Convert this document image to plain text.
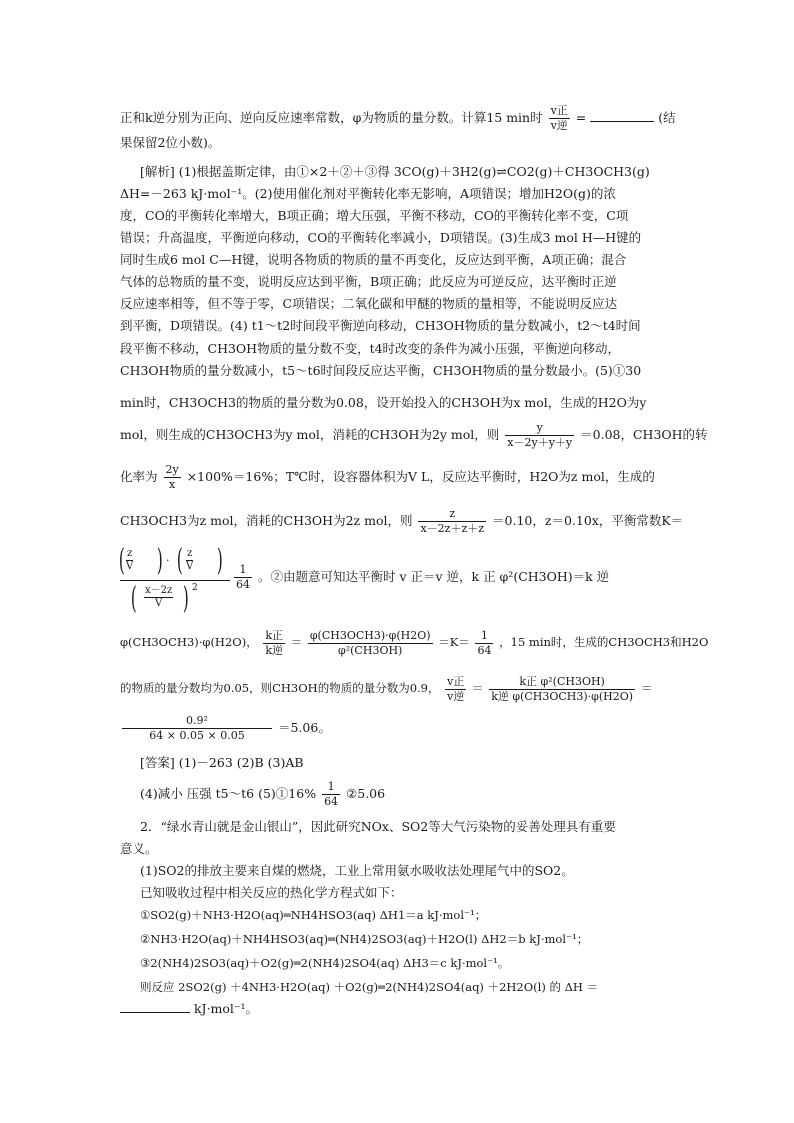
正和k逆分别为正向、逆向反应速率常数，φ为物质的量分数。计算15 min时 $\frac{\text{v正}}{\text{v逆}}$ =	(结
果保留2位小数)。
[解析] (1)根据盖斯定律，由①×2＋②＋③得 3CO(g)＋3H2(g)⇌CO2(g)＋CH3OCH3(g)
ΔH=－263 kJ·mol⁻¹。(2)使用催化剂对平衡转化率无影响，A项错误；增加H2O(g)的浓
度，CO的平衡转化率增大，B项正确；增大压强，平衡不移动，CO的平衡转化率不变，C项
错误；升高温度，平衡逆向移动，CO的平衡转化率减小，D项错误。(3)生成3 mol H—H键的
同时生成6 mol C—H键，说明各物质的物质的量不再变化，反应达到平衡，A项正确；混合
气体的总物质的量不变，说明反应达到平衡，B项正确；此反应为可逆反应，达平衡时正逆
反应速率相等，但不等于零，C项错误；二氧化碳和甲醚的物质的量相等，不能说明反应达
到平衡，D项错误。(4) t1～t2时间段平衡逆向移动，CH3OH物质的量分数减小，t2～t4时间
段平衡不移动，CH3OH物质的量分数不变，t4时改变的条件为减小压强，平衡逆向移动，
CH3OH物质的量分数减小，t5～t6时间段反应达平衡，CH3OH物质的量分数最小。(5)①30
min时，CH3OCH3的物质的量分数为0.08，设开始投入的CH3OH为x mol，生成的H2O为y
mol，则生成的CH3OCH3为y mol，消耗的CH3OH为2y mol，则 $\frac{y}{x-2y+y+y} =0.08$，CH3OH的转
化率为 $\frac{2y}{x} \times 100\%=16\%$；T℃时，设容器体积为V L，反应达平衡时，H2O为z mol，生成的
CH3OCH3为z mol，消耗的CH3OH为2z mol，则 $\frac{z}{x-2z+z+z} =0.10$，z＝0.10x，平衡常数K＝
( z
V ) · ( z
V )
( x－2z
V ) $2 \frac{1}{64}$ 。②由题意可知达平衡时 v 正＝v 逆，k 正 φ²(CH3OH)＝k 逆
φ(CH3OCH3)·φ(H2O)， $\frac{\text{k正}}{\text{k逆}} = \frac{\text{φ(CH3OCH3)·φ(H2O)}}{\text{φ²(CH3OH)}} =K= \frac{1}{64}$ ，15 min时，生成的CH3OCH3和H2O
的物质的量分数均为0.05，则CH3OH的物质的量分数为0.9， $\frac{\text{v正}}{\text{v逆}} = \frac{\text{k正 φ²(CH3OH)}}{\text{k逆 φ(CH3OCH3)·φ(H2O)}}$ ＝
$\frac{\text{0.9²}}{64 \times 0.05 \times 0.05} =5.06$。
[答案] (1)－263 (2)B (3)AB
(4)减小 压强 t5～t6 (5)①16% $\frac{1}{64}$ ②5.06
2．“绿水青山就是金山银山”，因此研究NOx、SO2等大气污染物的妥善处理具有重要
意义。
(1)SO2的排放主要来自煤的燃烧，工业上常用氨水吸收法处理尾气中的SO2。
已知吸收过程中相关反应的热化学方程式如下：
①SO2(g)＋NH3·H2O(aq)═NH4HSO3(aq) ΔH1＝a kJ·mol⁻¹；
②NH3·H2O(aq)＋NH4HSO3(aq)═(NH4)2SO3(aq)＋H2O(l) ΔH2＝b kJ·mol⁻¹；
③2(NH4)2SO3(aq)＋O2(g)═2(NH4)2SO4(aq) ΔH3＝c kJ·mol⁻¹。
则反应 2SO2(g) ＋4NH3·H2O(aq) ＋O2(g)═2(NH4)2SO4(aq) ＋2H2O(l) 的 ΔH ＝
kJ·mol⁻¹。
